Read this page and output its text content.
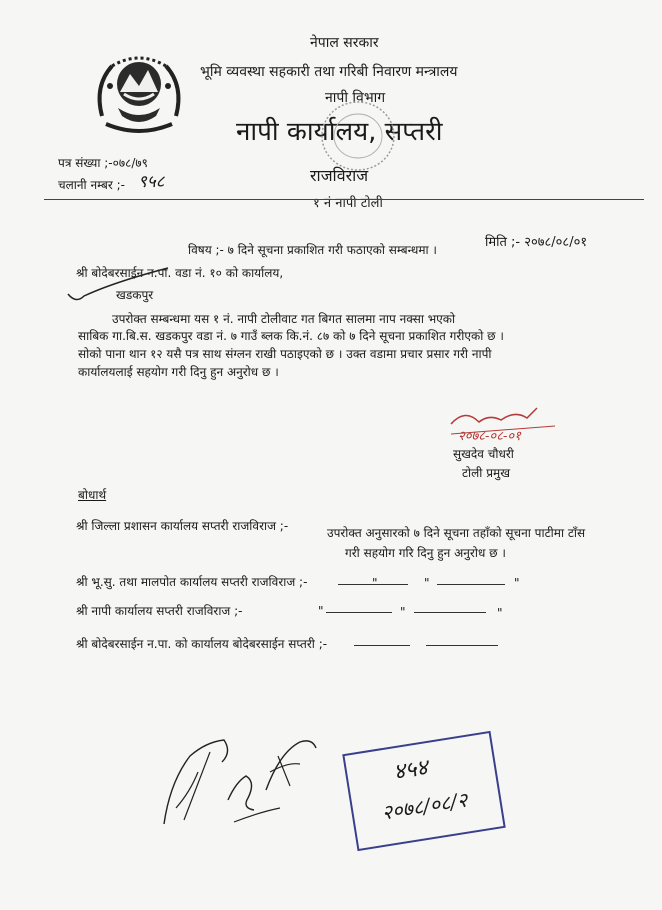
नेपाल सरकार
भूमि व्यवस्था सहकारी तथा गरिबी निवारण मन्त्रालय
नापी विभाग
नापी कार्यालय, सप्तरी
राजविराज
१ नं नापी टोली
पत्र संख्या ;-०७८/७९
चलानी नम्बर ;- ९५८
मिति ;- २०७८/०८/०१
विषय ;- ७ दिने सूचना प्रकाशित गरी फठाएको सम्बन्धमा ।
श्री बोदेबरसाईन न.पा. वडा नं. १० को कार्यालय,
खडकपुर
उपरोक्त सम्बन्धमा यस १ नं. नापी टोलीवाट गत बिगत सालमा नाप नक्सा भएको
साबिक गा.बि.स. खडकपुर वडा नं. ७ गाउँ ब्लक कि.नं. ८७ को ७ दिने सूचना प्रकाशित गरीएको छ ।
सोको पाना थान १२ यसै पत्र साथ संग्लन राखी पठाइएको छ । उक्त वडामा प्रचार प्रसार गरी नापी
कार्यालयलाई सहयोग गरी दिनु हुन अनुरोध छ ।
२०७८-०८-०१
सुखदेव चौधरी
टोली प्रमुख
बोधार्थ
श्री जिल्ला प्रशासन कार्यालय सप्तरी राजविराज ;-	उपरोक्त अनुसारको ७ दिने सूचना तहाँको सूचना पाटीमा टाँस
गरी सहयोग गरि दिनु हुन अनुरोध छ ।
श्री भू.सु. तथा मालपोत कार्यालय सप्तरी राजविराज ;-	"	"	"
श्री नापी कार्यालय सप्तरी राजविराज ;-	"	"	"
श्री बोदेबरसाईन न.पा. को कार्यालय बोदेबरसाईन सप्तरी ;-
४५४
२०७८/०८/२
